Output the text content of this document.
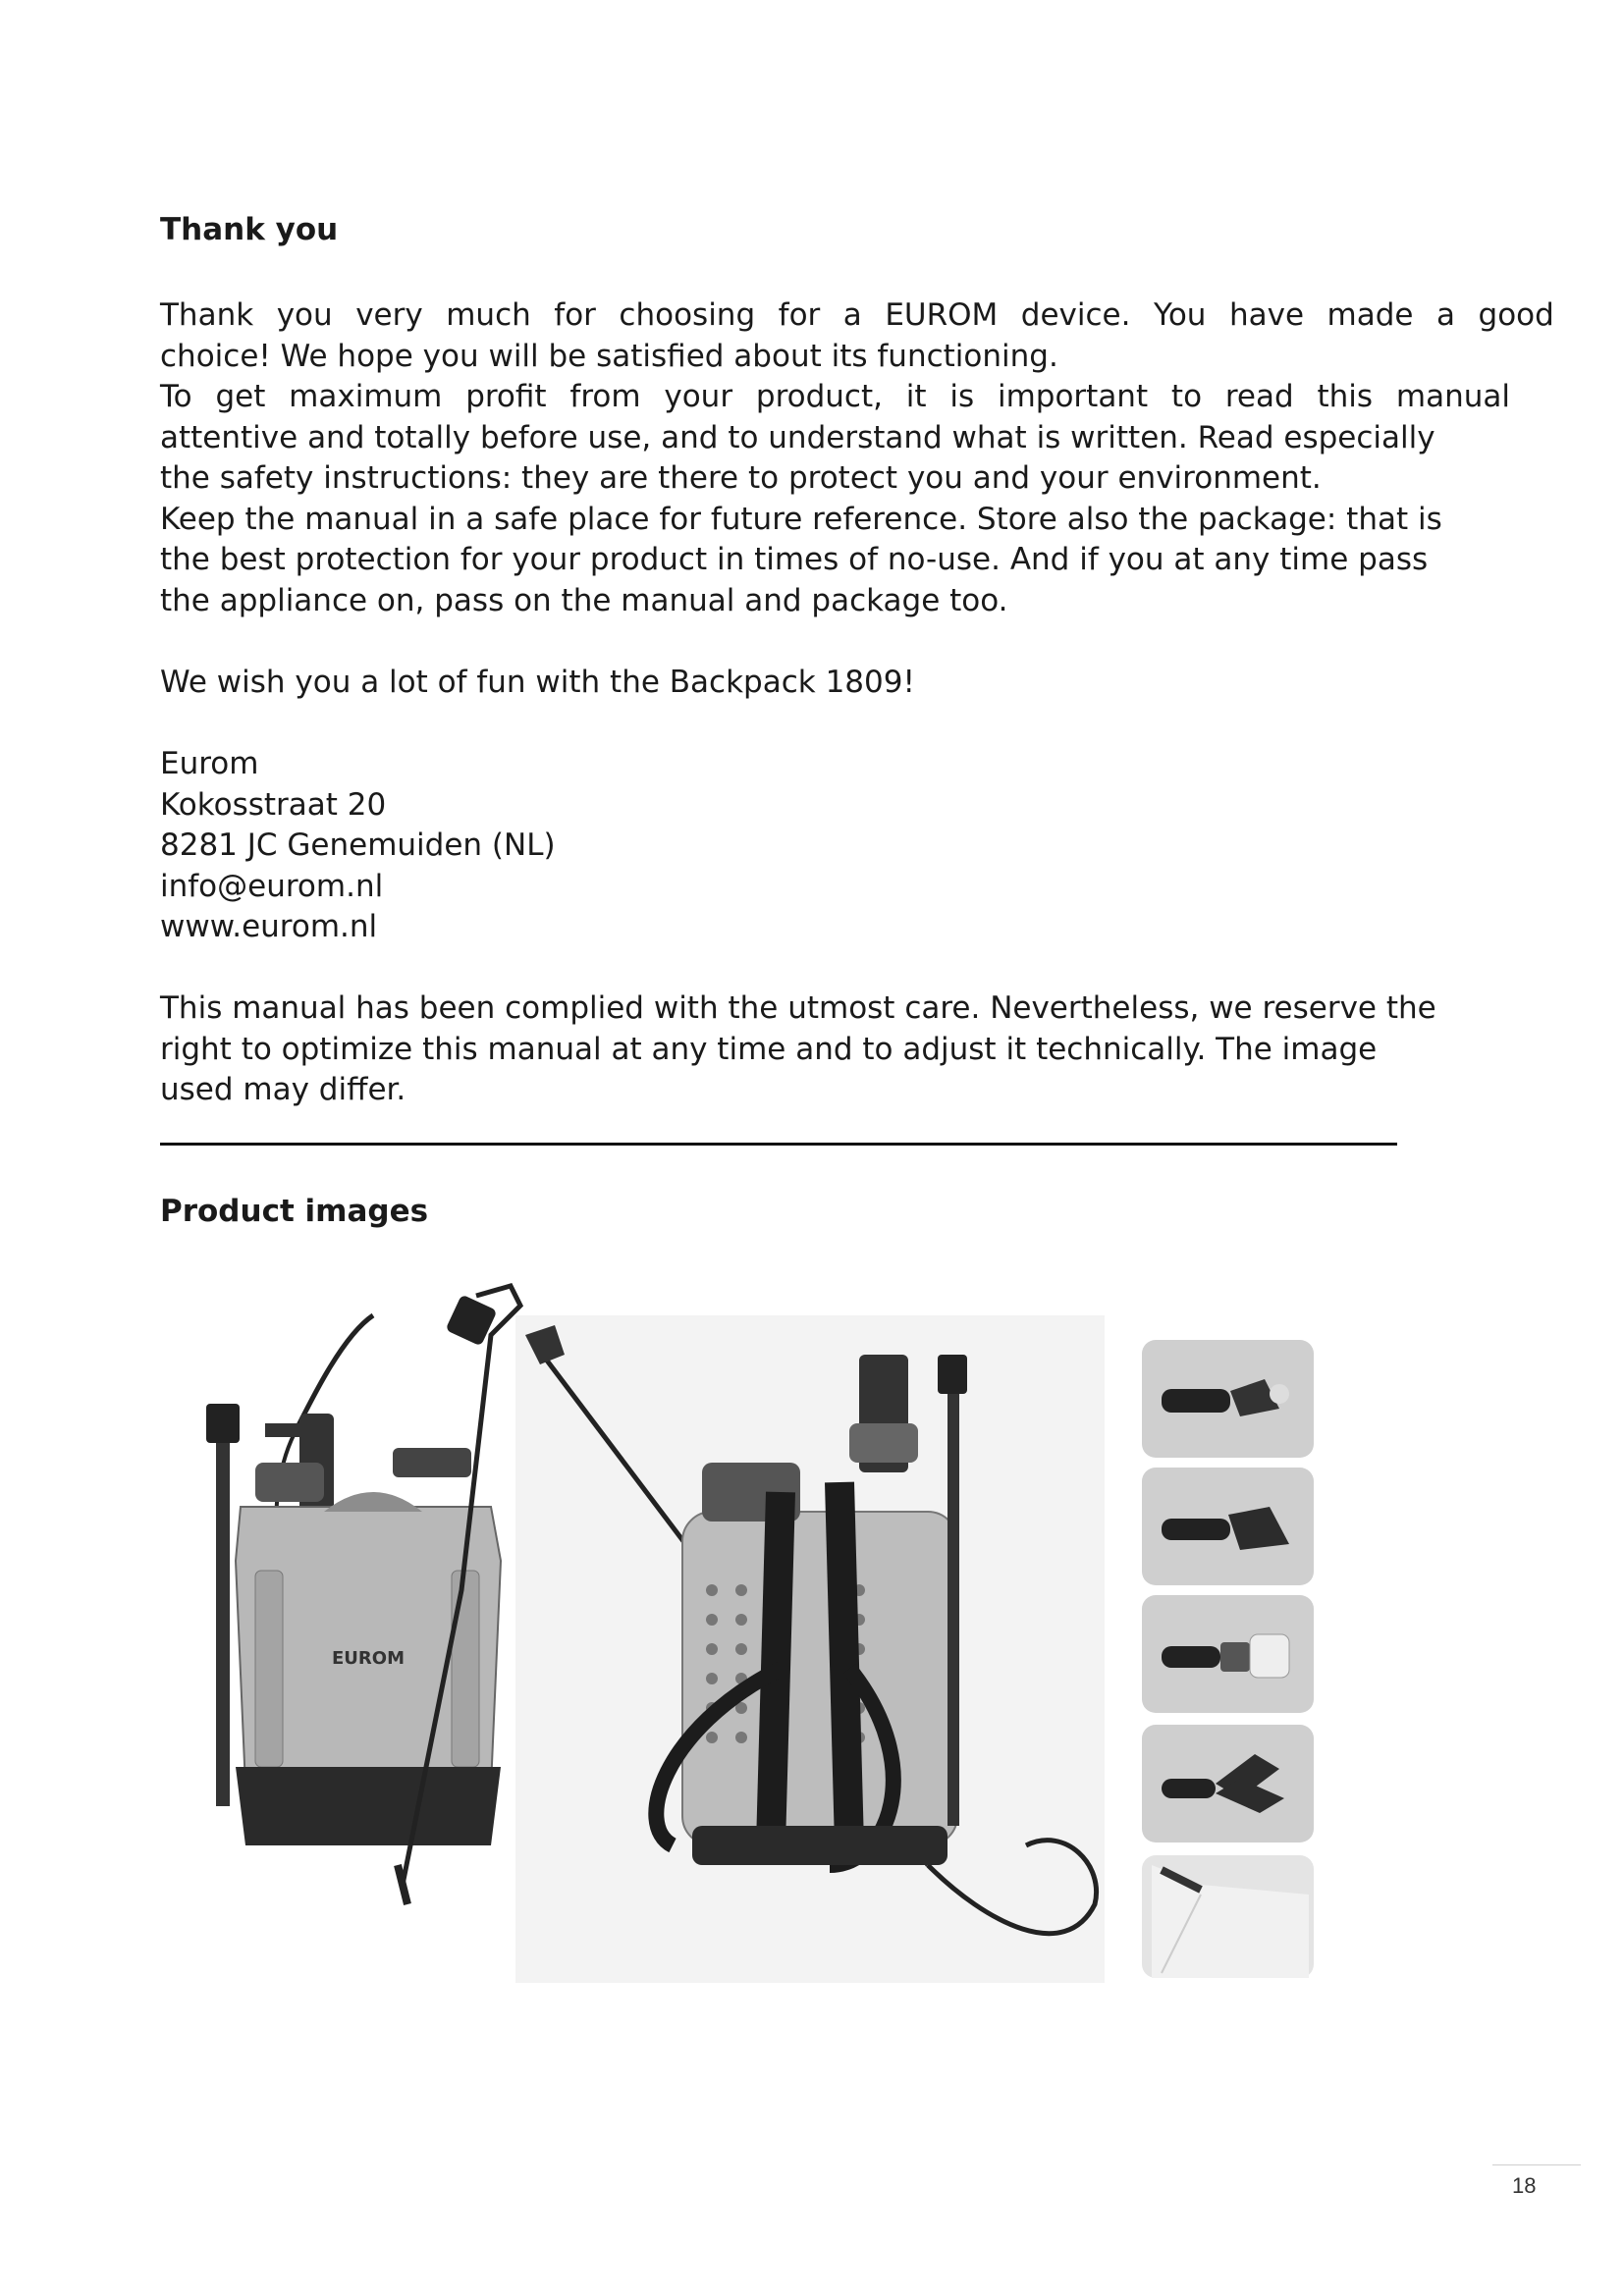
Thank you
Thank you very much for choosing for a EUROM device. You have made a good
choice! We hope you will be satisfied about its functioning.
To get maximum profit from your product, it is important to read this manual
attentive and totally before use, and to understand what is written. Read especially
the safety instructions: they are there to protect you and your environment.
Keep the manual in a safe place for future reference. Store also the package: that is
the best protection for your product in times of no-use. And if you at any time pass
the appliance on, pass on the manual and package too.

We wish you a lot of fun with the Backpack 1809!

Eurom
Kokosstraat 20
8281 JC Genemuiden (NL)
info@eurom.nl
www.eurom.nl
This manual has been complied with the utmost care. Nevertheless, we reserve the
right to optimize this manual at any time and to adjust it technically. The image
used may differ.
Product images
EUROM
18
